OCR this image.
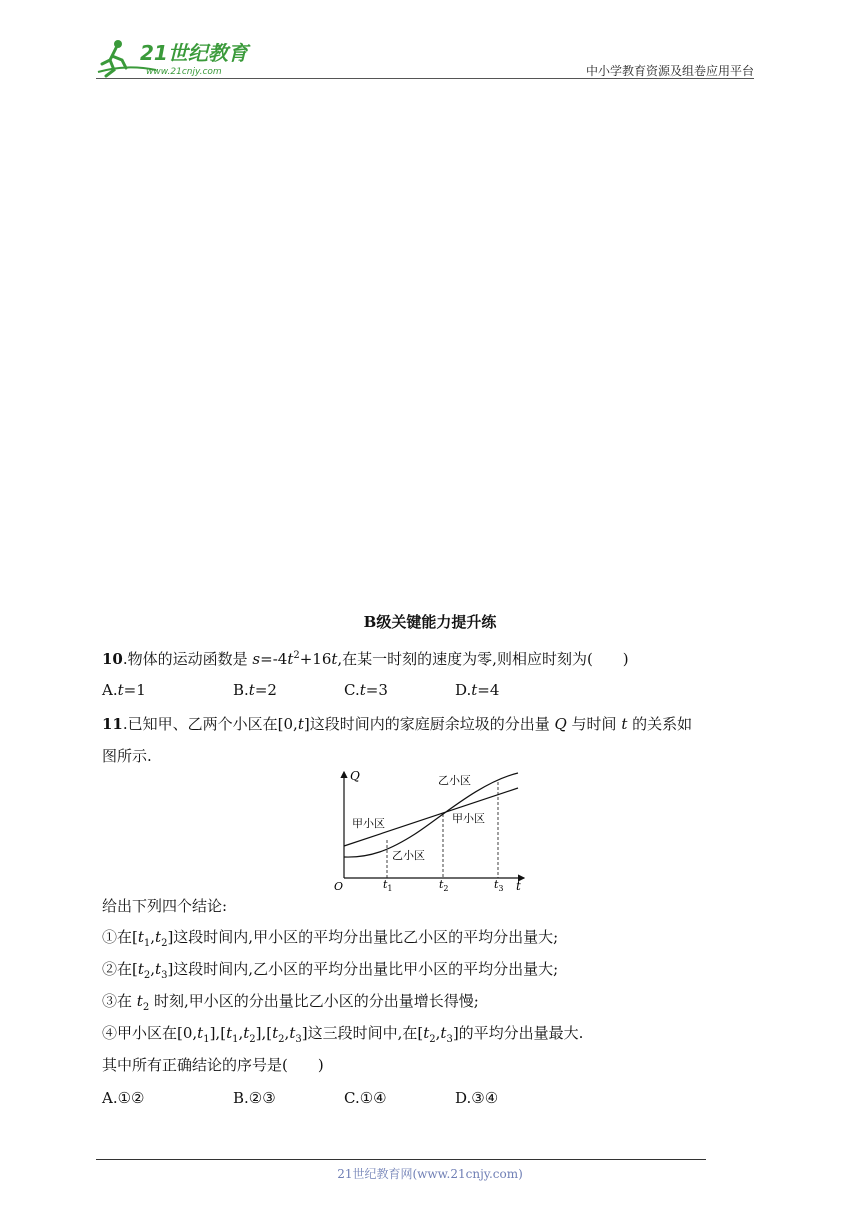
21世纪教育
www.21cnjy.com	中小学教育资源及组卷应用平台
B级关键能力提升练
10.物体的运动函数是 $s=-4t^2+16t$,在某一时刻的速度为零,则相应时刻为(　　)
A.t=1	B.t=2	C.t=3	D.t=4
11.已知甲、乙两个小区在[0,t]这段时间内的家庭厨余垃圾的分出量 Q 与时间 t 的关系如
图所示.
Q
t
O	$t_1$	$t_2$	$t_3$
甲小区
乙小区
甲小区
乙小区
给出下列四个结论:
①在$[t_1,t_2]$这段时间内,甲小区的平均分出量比乙小区的平均分出量大;
②在$[t_2,t_3]$这段时间内,乙小区的平均分出量比甲小区的平均分出量大;
③在 $t_2$ 时刻,甲小区的分出量比乙小区的分出量增长得慢;
④甲小区在$[0,t_1],[t_1,t_2],[t_2,t_3]$这三段时间中,在$[t_2,t_3]$的平均分出量最大.
其中所有正确结论的序号是(　　)
A.①②	B.②③	C.①④	D.③④
21世纪教育网(www.21cnjy.com)
